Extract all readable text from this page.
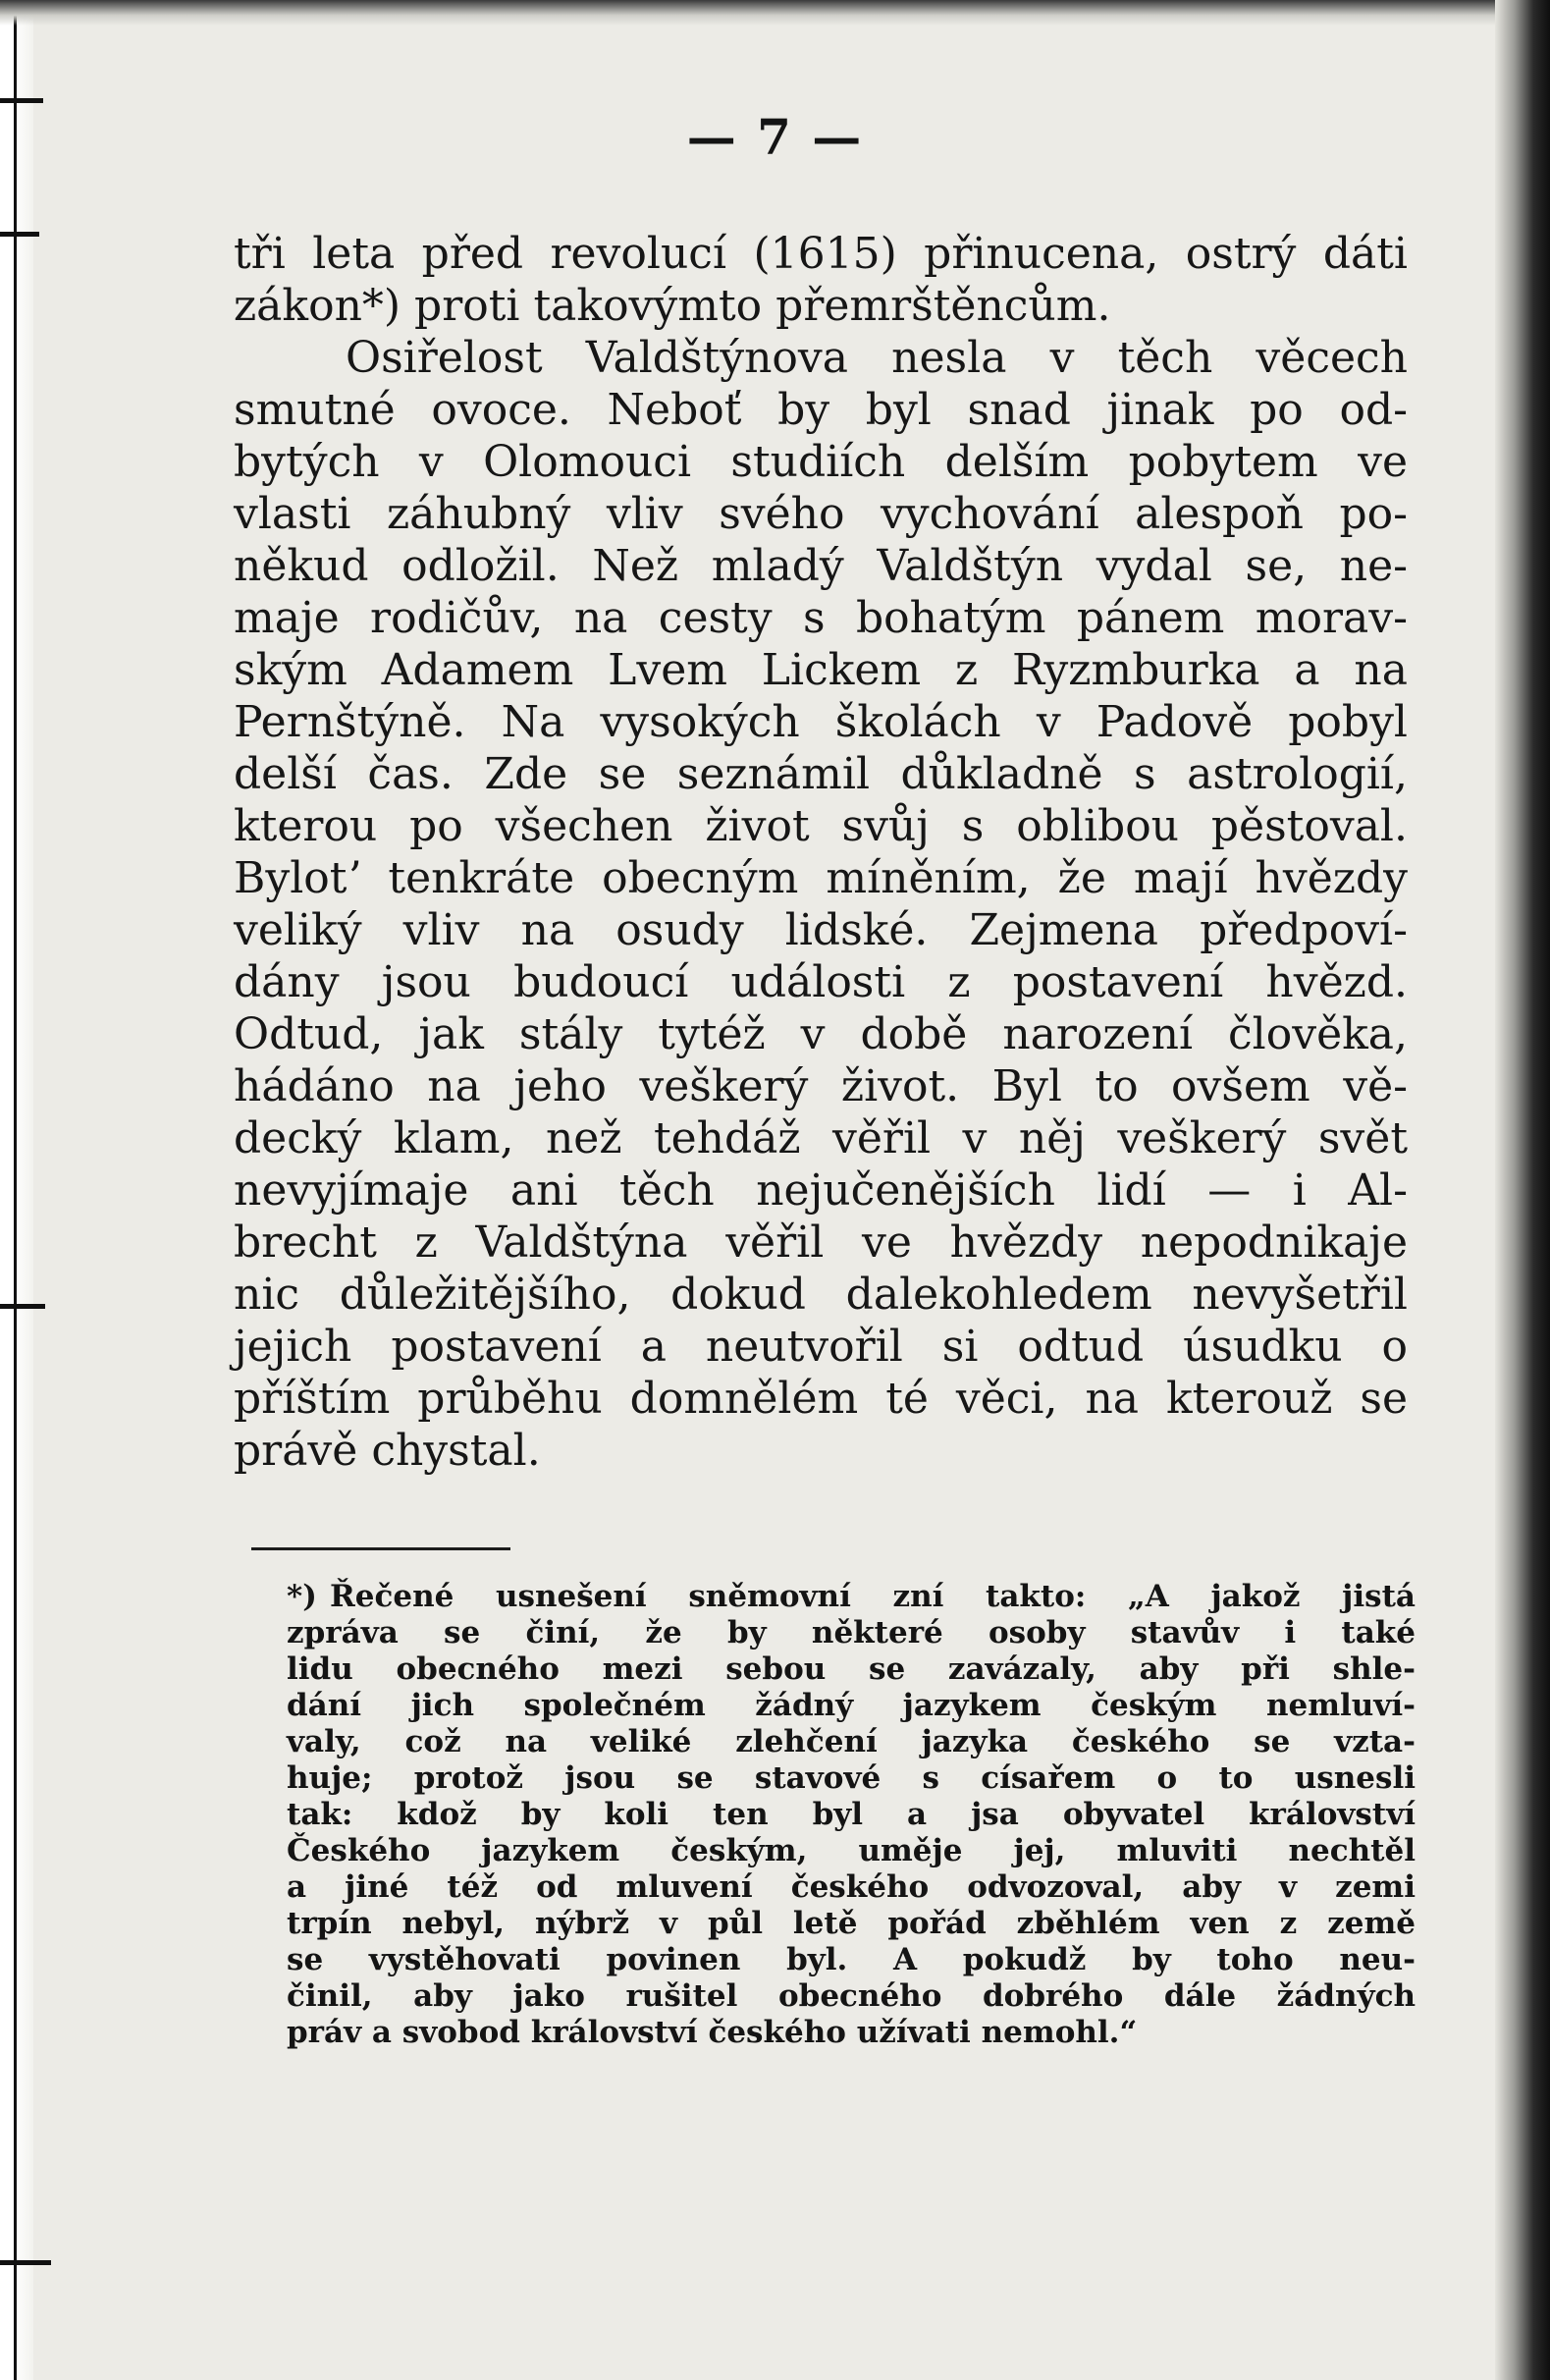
— 7 —
tři leta před revolucí (1615) přinucena, ostrý dáti
zákon*) proti takovýmto přemrštěncům.
Osiřelost Valdštýnova nesla v těch věcech
smutné ovoce. Neboť by byl snad jinak po od-
bytých v Olomouci studiích delším pobytem ve
vlasti záhubný vliv svého vychování alespoň po-
někud odložil. Než mladý Valdštýn vydal se, ne-
maje rodičův, na cesty s bohatým pánem morav-
ským Adamem Lvem Lickem z Ryzmburka a na
Pernštýně. Na vysokých školách v Padově pobyl
delší čas. Zde se seznámil důkladně s astrologií,
kterou po všechen život svůj s oblibou pěstoval.
Bylotʼ tenkráte obecným míněním, že mají hvězdy
veliký vliv na osudy lidské. Zejmena předpoví-
dány jsou budoucí události z postavení hvězd.
Odtud, jak stály tytéž v době narození člověka,
hádáno na jeho veškerý život. Byl to ovšem vě-
decký klam, než tehdáž věřil v něj veškerý svět
nevyjímaje ani těch nejučenějších lidí — i Al-
brecht z Valdštýna věřil ve hvězdy nepodnikaje
nic důležitějšího, dokud dalekohledem nevyšetřil
jejich postavení a neutvořil si odtud úsudku o
příštím průběhu domnělém té věci, na kterouž se
právě chystal.
*) Řečené usnešení sněmovní zní takto: „A jakož jistá
zpráva se činí, že by některé osoby stavův i také
lidu obecného mezi sebou se zavázaly, aby při shle-
dání jich společném žádný jazykem českým nemluví-
valy, což na veliké zlehčení jazyka českého se vzta-
huje; protož jsou se stavové s císařem o to usnesli
tak: kdož by koli ten byl a jsa obyvatel království
Českého jazykem českým, uměje jej, mluviti nechtěl
a jiné též od mluvení českého odvozoval, aby v zemi
trpín nebyl, nýbrž v půl letě pořád zběhlém ven z země
se vystěhovati povinen byl. A pokudž by toho neu-
činil, aby jako rušitel obecného dobrého dále žádných
práv a svobod království českého užívati nemohl.“
